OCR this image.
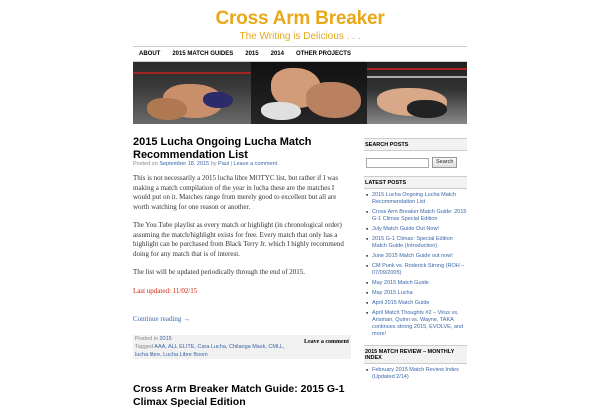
Cross Arm Breaker
The Writing is Delicious . . .
ABOUT	2015 MATCH GUIDES	2015	2014	OTHER PROJECTS
2015 Lucha Ongoing Lucha Match Recommendation List
Posted on September 18, 2015 by Paul | Leave a comment

This is not necessarily a 2015 lucha libre MOTYC list, but rather if I was making a match compilation of the year in lucha these are the matches I would put on it. Matches range from merely good to excellent but all are worth watching for one reason or another.

The You Tube playlist as every match or highlight (in chronological order) assuming the match/highlight exists for free. Every match that only has a highlight can be purchased from Black Terry Jr. which I highly recommend doing for any match that is of interest.

The list will be updated periodically through the end of 2015.

Last updated: 11/02/15

Continue reading →
Posted in 2015
Tagged AAA, ALL ELITE, Cara Lucha, Chilanga Mask, CMLL, lucha libre, Lucha Libre Boom
Leave a comment
Cross Arm Breaker Match Guide: 2015 G-1 Climax Special Edition
SEARCH POSTS
Search
LATEST POSTS
■ 2015 Lucha Ongoing Lucha Match Recommendation List
■ Cross Arm Breaker Match Guide: 2015 G-1 Climax Special Edition
■ July Match Guide Out Now!
■ 2015 G-1 Climax: Special Edition Match Guide (Introduction)
■ June 2015 Match Guide out now!
■ CM Punk vs. Roderick Strong (ROH – 07/09/2005)
■ May 2015 Match Guide
■ May 2015 Lucha
■ April 2015 Match Guide
■ April Match Thoughts #2 – Virus vs. Arisman, Quinn vs. Wayne, TAKA continues strong 2015, EVOLVE, and more!
2015 MATCH REVIEW – MONTHLY INDEX
■ February 2015 Match Review Index (Updated 2/14)
